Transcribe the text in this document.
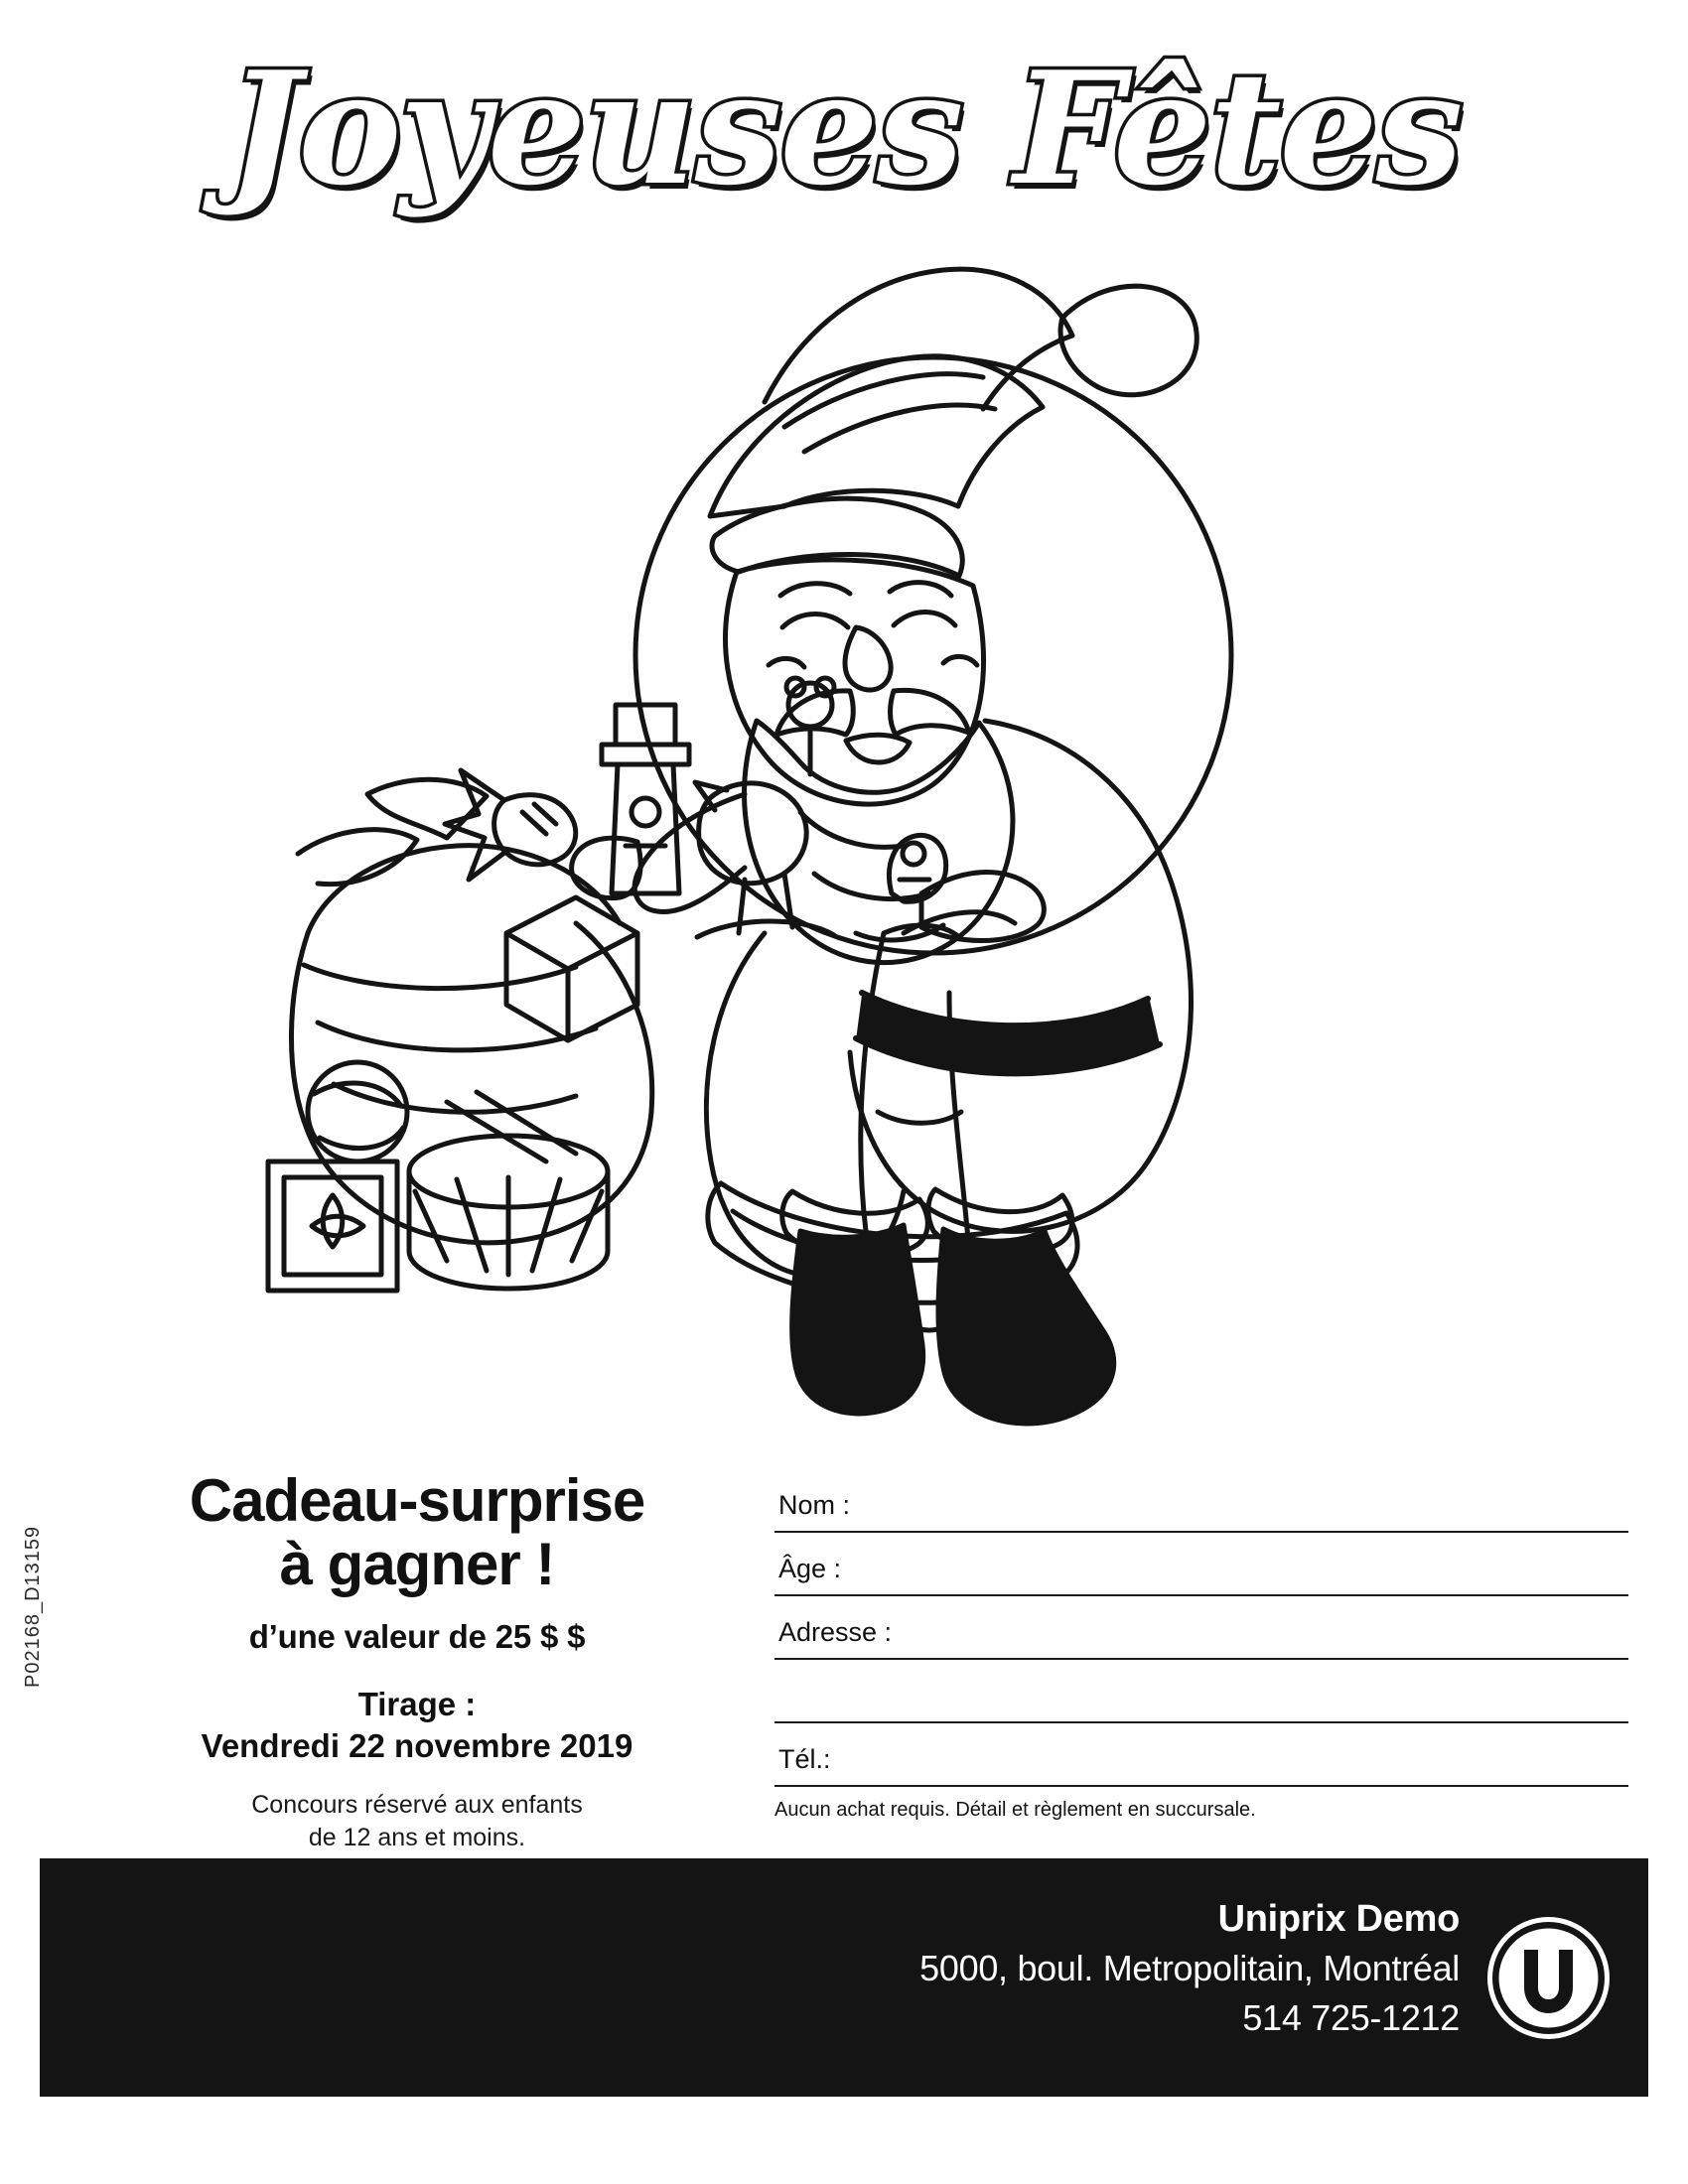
Joyeuses Fêtes
Cadeau-surprise
à gagner !
d’une valeur de 25 $ $
Tirage :
Vendredi 22 novembre 2019
Concours réservé aux enfants
de 12 ans et moins.
P02168_D13159
Nom :
Âge :
Adresse :
Tél.:
Aucun achat requis. Détail et règlement en succursale.
Uniprix Demo
5000, boul. Metropolitain, Montréal
514 725-1212
